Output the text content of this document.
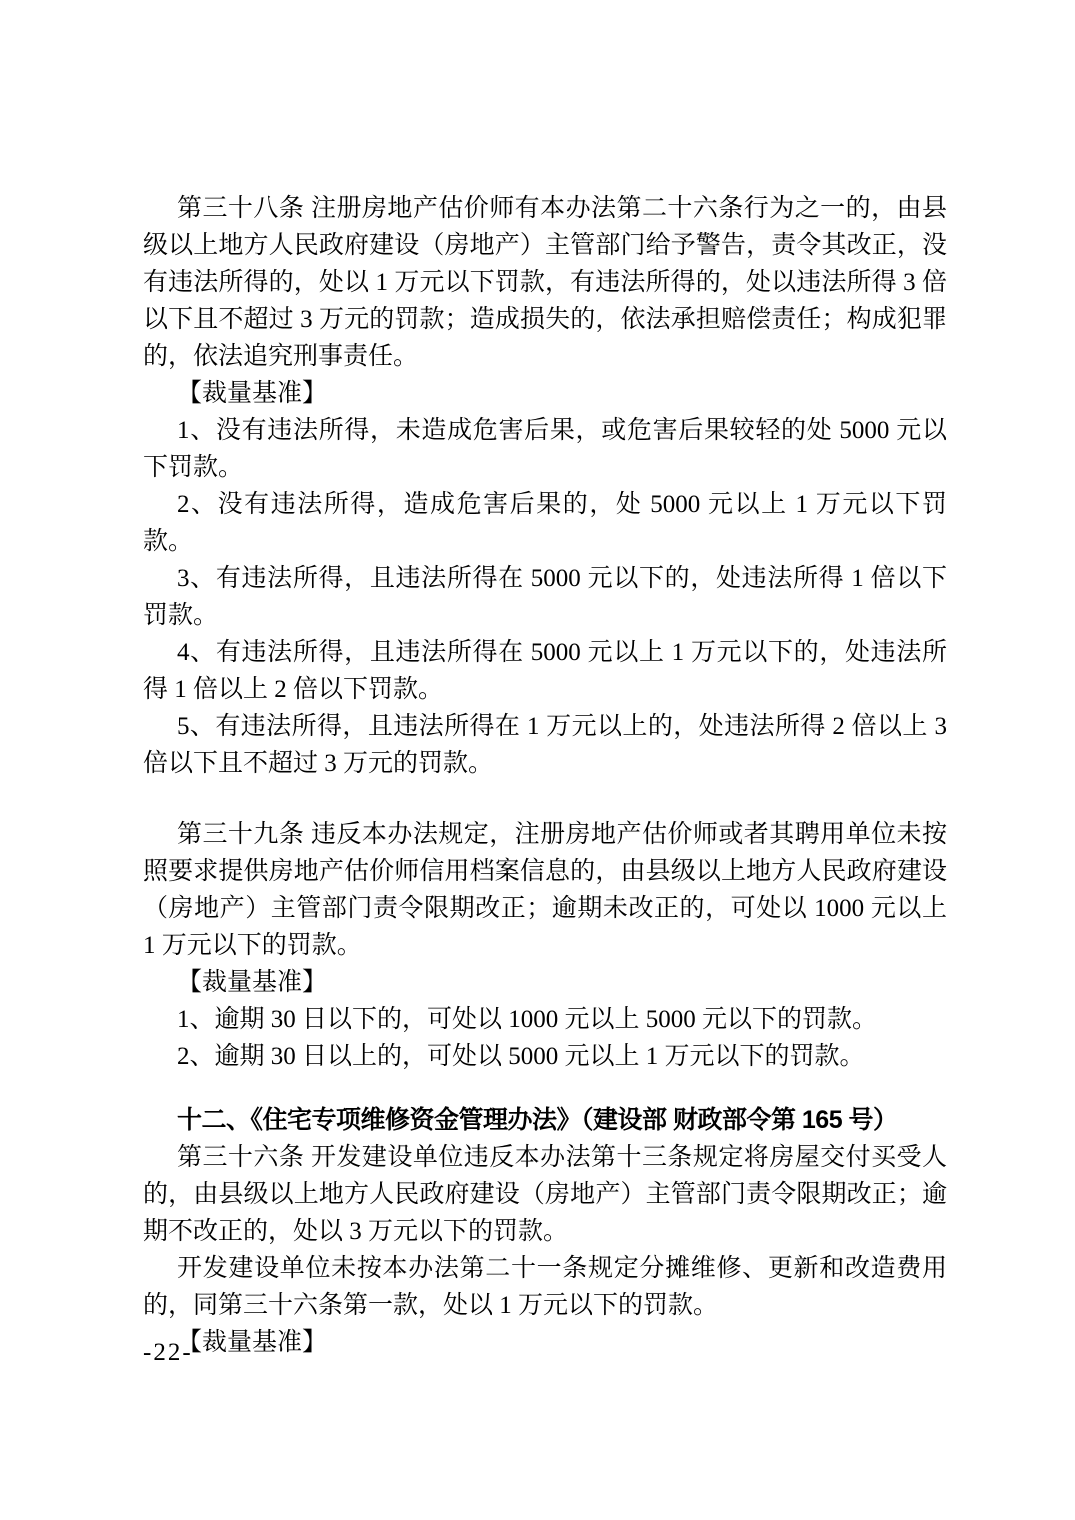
第三十八条 注册房地产估价师有本办法第二十六条行为之一的，由县级以上地方人民政府建设（房地产）主管部门给予警告，责令其改正，没有违法所得的，处以 1 万元以下罚款，有违法所得的，处以违法所得 3 倍以下且不超过 3 万元的罚款；造成损失的，依法承担赔偿责任；构成犯罪的，依法追究刑事责任。

【裁量基准】

1、没有违法所得，未造成危害后果，或危害后果较轻的处 5000 元以下罚款。

2、没有违法所得，造成危害后果的，处 5000 元以上 1 万元以下罚款。

3、有违法所得，且违法所得在 5000 元以下的，处违法所得 1 倍以下罚款。

4、有违法所得，且违法所得在 5000 元以上 1 万元以下的，处违法所得 1 倍以上 2 倍以下罚款。

5、有违法所得，且违法所得在 1 万元以上的，处违法所得 2 倍以上 3 倍以下且不超过 3 万元的罚款。

第三十九条 违反本办法规定，注册房地产估价师或者其聘用单位未按照要求提供房地产估价师信用档案信息的，由县级以上地方人民政府建设（房地产）主管部门责令限期改正；逾期未改正的，可处以 1000 元以上 1 万元以下的罚款。

【裁量基准】

1、逾期 30 日以下的，可处以 1000 元以上 5000 元以下的罚款。

2、逾期 30 日以上的，可处以 5000 元以上 1 万元以下的罚款。

十二、《住宅专项维修资金管理办法》（建设部 财政部令第 165 号）

第三十六条 开发建设单位违反本办法第十三条规定将房屋交付买受人的，由县级以上地方人民政府建设（房地产）主管部门责令限期改正；逾期不改正的，处以 3 万元以下的罚款。

开发建设单位未按本办法第二十一条规定分摊维修、更新和改造费用的，同第三十六条第一款，处以 1 万元以下的罚款。

【裁量基准】

-22-
